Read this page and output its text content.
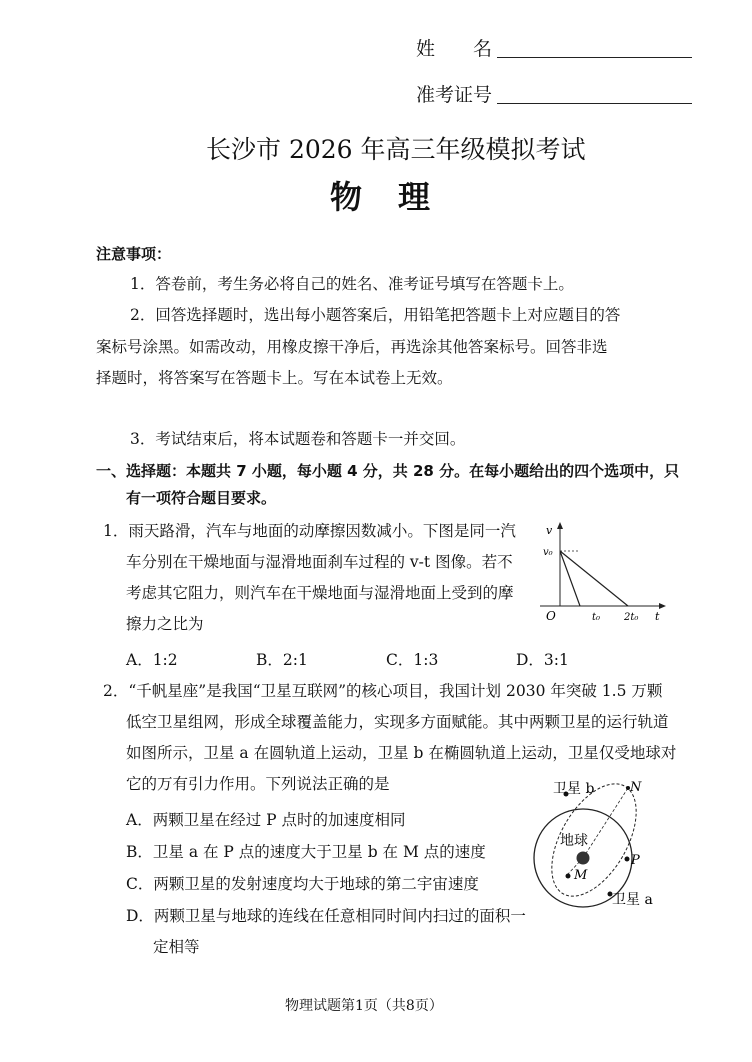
姓　　名
准考证号
长沙市 2026 年高三年级模拟考试
物　理
注意事项：
1．答卷前，考生务必将自己的姓名、准考证号填写在答题卡上。
2．回答选择题时，选出每小题答案后，用铅笔把答题卡上对应题目的答
案标号涂黑。如需改动，用橡皮擦干净后，再选涂其他答案标号。回答非选
择题时，将答案写在答题卡上。写在本试卷上无效。
3．考试结束后，将本试题卷和答题卡一并交回。
一、选择题：本题共 7 小题，每小题 4 分，共 28 分。在每小题给出的四个选项中，只
有一项符合题目要求。
1．雨天路滑，汽车与地面的动摩擦因数减小。下图是同一汽
车分别在干燥地面与湿滑地面刹车过程的 v-t 图像。若不
考虑其它阻力，则汽车在干燥地面与湿滑地面上受到的摩
擦力之比为
v
v₀
O	t₀ 2t₀ t
A．1:2	B．2:1	C．1:3	D．3:1
2．“千帆星座”是我国“卫星互联网”的核心项目，我国计划 2030 年突破 1.5 万颗
低空卫星组网，形成全球覆盖能力，实现多方面赋能。其中两颗卫星的运行轨道
如图所示，卫星 a 在圆轨道上运动，卫星 b 在椭圆轨道上运动，卫星仅受地球对
它的万有引力作用。下列说法正确的是
A．两颗卫星在经过 P 点时的加速度相同
B．卫星 a 在 P 点的速度大于卫星 b 在 M 点的速度
C．两颗卫星的发射速度均大于地球的第二宇宙速度
D．两颗卫星与地球的连线在任意相同时间内扫过的面积一
定相等
卫星 b	N
地球
P
M
卫星 a
物理试题第1页（共8页）
